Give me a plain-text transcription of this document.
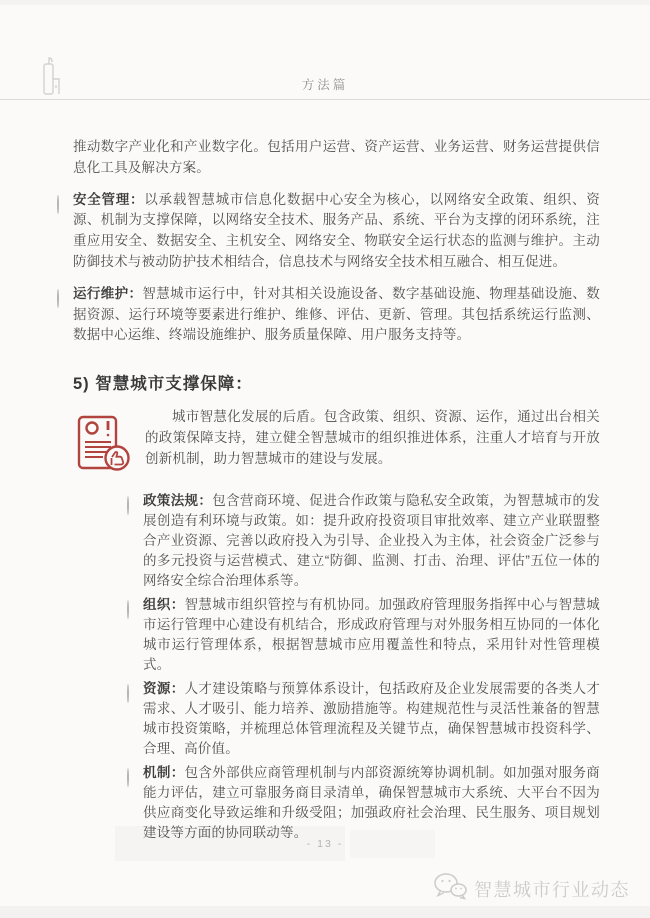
方法篇

推动数字产业化和产业数字化。包括用户运营、资产运营、业务运营、财务运营提供信息化工具及解决方案。

安全管理：以承载智慧城市信息化数据中心安全为核心，以网络安全政策、组织、资源、机制为支撑保障，以网络安全技术、服务产品、系统、平台为支撑的闭环系统，注重应用安全、数据安全、主机安全、网络安全、物联安全运行状态的监测与维护。主动防御技术与被动防护技术相结合，信息技术与网络安全技术相互融合、相互促进。

运行维护：智慧城市运行中，针对其相关设施设备、数字基础设施、物理基础设施、数据资源、运行环境等要素进行维护、维修、评估、更新、管理。其包括系统运行监测、数据中心运维、终端设施维护、服务质量保障、用户服务支持等。

5) 智慧城市支撑保障：

城市智慧化发展的后盾。包含政策、组织、资源、运作，通过出台相关的政策保障支持，建立健全智慧城市的组织推进体系，注重人才培育与开放创新机制，助力智慧城市的建设与发展。

政策法规：包含营商环境、促进合作政策与隐私安全政策，为智慧城市的发展创造有利环境与政策。如：提升政府投资项目审批效率、建立产业联盟整合产业资源、完善以政府投入为引导、企业投入为主体，社会资金广泛参与的多元投资与运营模式、建立“防御、监测、打击、治理、评估”五位一体的网络安全综合治理体系等。

组织：智慧城市组织管控与有机协同。加强政府管理服务指挥中心与智慧城市运行管理中心建设有机结合，形成政府管理与对外服务相互协同的一体化城市运行管理体系，根据智慧城市应用覆盖性和特点，采用针对性管理模式。

资源：人才建设策略与预算体系设计，包括政府及企业发展需要的各类人才需求、人才吸引、能力培养、激励措施等。构建规范性与灵活性兼备的智慧城市投资策略，并梳理总体管理流程及关键节点，确保智慧城市投资科学、合理、高价值。

机制：包含外部供应商管理机制与内部资源统筹协调机制。如加强对服务商能力评估，建立可靠服务商目录清单，确保智慧城市大系统、大平台不因为供应商变化导致运维和升级受阻；加强政府社会治理、民生服务、项目规划建设等方面的协同联动等。

- 13 -
智慧城市行业动态
